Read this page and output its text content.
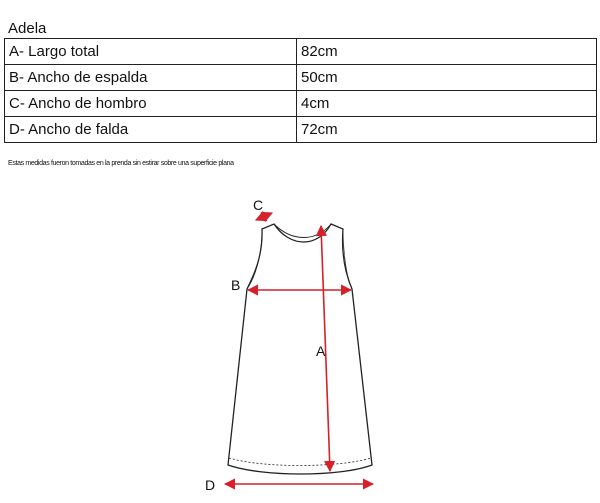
Adela
A- Largo total	82cm
B- Ancho de espalda	50cm
C- Ancho de hombro	4cm
D- Ancho de falda	72cm
Estas medidas fueron tomadas en la prenda sin estirar sobre una superficie plana
A
B
C
D
